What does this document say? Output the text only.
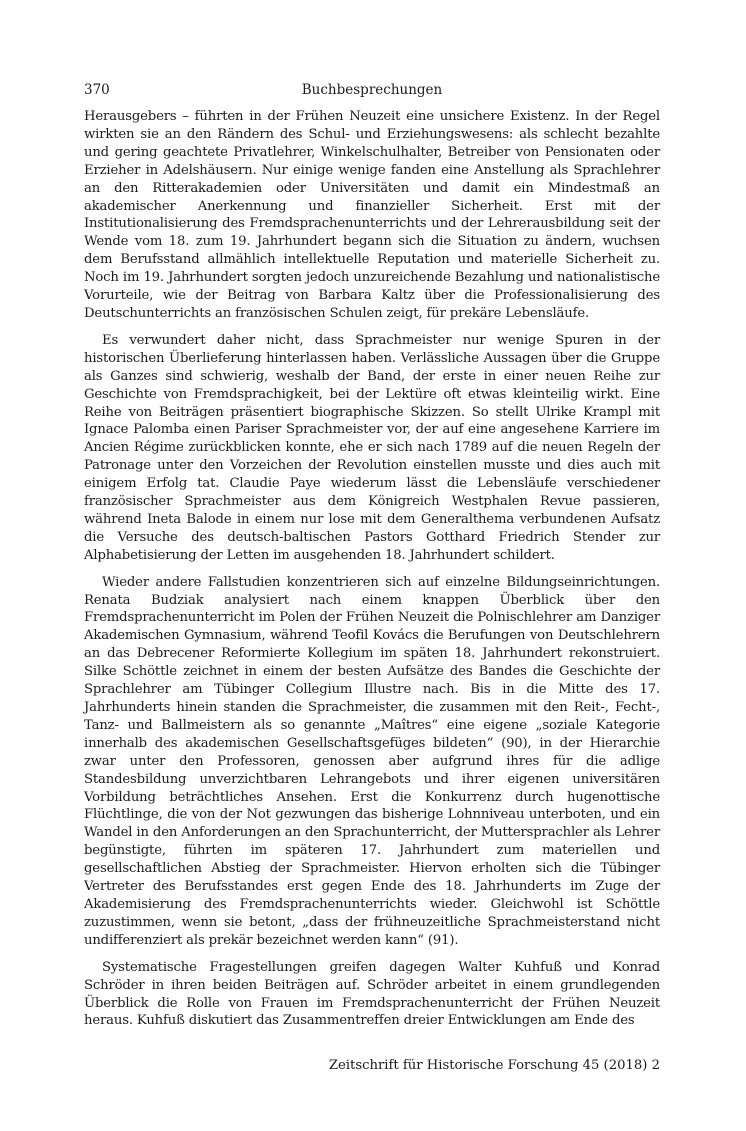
370	Buchbesprechungen

Herausgebers – führten in der Frühen Neuzeit eine unsichere Existenz. In der Regel wirkten sie an den Rändern des Schul- und Erziehungswesens: als schlecht bezahlte und gering geachtete Privatlehrer, Winkelschulhalter, Betreiber von Pensionaten oder Erzieher in Adelshäusern. Nur einige wenige fanden eine Anstellung als Sprachlehrer an den Ritterakademien oder Universitäten und damit ein Mindestmaß an akademischer Anerkennung und finanzieller Sicherheit. Erst mit der Institutionalisierung des Fremdsprachenunterrichts und der Lehrerausbildung seit der Wende vom 18. zum 19. Jahrhundert begann sich die Situation zu ändern, wuchsen dem Berufsstand allmählich intellektuelle Reputation und materielle Sicherheit zu. Noch im 19. Jahrhundert sorgten jedoch unzureichende Bezahlung und nationalistische Vorurteile, wie der Beitrag von Barbara Kaltz über die Professionalisierung des Deutschunterrichts an französischen Schulen zeigt, für prekäre Lebensläufe.

Es verwundert daher nicht, dass Sprachmeister nur wenige Spuren in der historischen Überlieferung hinterlassen haben. Verlässliche Aussagen über die Gruppe als Ganzes sind schwierig, weshalb der Band, der erste in einer neuen Reihe zur Geschichte von Fremdsprachigkeit, bei der Lektüre oft etwas kleinteilig wirkt. Eine Reihe von Beiträgen präsentiert biographische Skizzen. So stellt Ulrike Krampl mit Ignace Palomba einen Pariser Sprachmeister vor, der auf eine angesehene Karriere im Ancien Régime zurückblicken konnte, ehe er sich nach 1789 auf die neuen Regeln der Patronage unter den Vorzeichen der Revolution einstellen musste und dies auch mit einigem Erfolg tat. Claudie Paye wiederum lässt die Lebensläufe verschiedener französischer Sprachmeister aus dem Königreich Westphalen Revue passieren, während Ineta Balode in einem nur lose mit dem Generalthema verbundenen Aufsatz die Versuche des deutsch-baltischen Pastors Gotthard Friedrich Stender zur Alphabetisierung der Letten im ausgehenden 18. Jahrhundert schildert.

Wieder andere Fallstudien konzentrieren sich auf einzelne Bildungseinrichtungen. Renata Budziak analysiert nach einem knappen Überblick über den Fremdsprachenunterricht im Polen der Frühen Neuzeit die Polnischlehrer am Danziger Akademischen Gymnasium, während Teofil Kovács die Berufungen von Deutschlehrern an das Debrecener Reformierte Kollegium im späten 18. Jahrhundert rekonstruiert. Silke Schöttle zeichnet in einem der besten Aufsätze des Bandes die Geschichte der Sprachlehrer am Tübinger Collegium Illustre nach. Bis in die Mitte des 17. Jahrhunderts hinein standen die Sprachmeister, die zusammen mit den Reit-, Fecht-, Tanz- und Ballmeistern als so genannte „Maîtres“ eine eigene „soziale Kategorie innerhalb des akademischen Gesellschaftsgefüges bildeten“ (90), in der Hierarchie zwar unter den Professoren, genossen aber aufgrund ihres für die adlige Standesbildung unverzichtbaren Lehrangebots und ihrer eigenen universitären Vorbildung beträchtliches Ansehen. Erst die Konkurrenz durch hugenottische Flüchtlinge, die von der Not gezwungen das bisherige Lohnniveau unterboten, und ein Wandel in den Anforderungen an den Sprachunterricht, der Muttersprachler als Lehrer begünstigte, führten im späteren 17. Jahrhundert zum materiellen und gesellschaftlichen Abstieg der Sprachmeister. Hiervon erholten sich die Tübinger Vertreter des Berufsstandes erst gegen Ende des 18. Jahrhunderts im Zuge der Akademisierung des Fremdsprachenunterrichts wieder. Gleichwohl ist Schöttle zuzustimmen, wenn sie betont, „dass der frühneuzeitliche Sprachmeisterstand nicht undifferenziert als prekär bezeichnet werden kann“ (91).

Systematische Fragestellungen greifen dagegen Walter Kuhfuß und Konrad Schröder in ihren beiden Beiträgen auf. Schröder arbeitet in einem grundlegenden Überblick die Rolle von Frauen im Fremdsprachenunterricht der Frühen Neuzeit heraus. Kuhfuß diskutiert das Zusammentreffen dreier Entwicklungen am Ende des

Zeitschrift für Historische Forschung 45 (2018) 2
